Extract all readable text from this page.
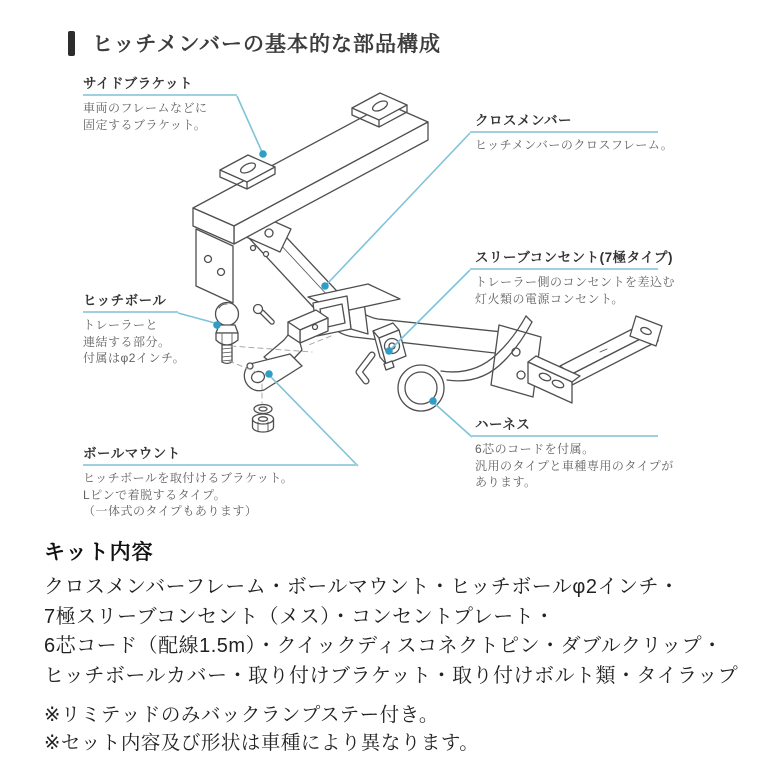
ヒッチメンバーの基本的な部品構成
サイドブラケット
車両のフレームなどに
固定するブラケット。	クロスメンバー
ヒッチメンバーのクロスフレーム。
スリーブコンセント(7極タイプ)
トレーラー側のコンセントを差込む
灯火類の電源コンセント。
ヒッチボール
トレーラーと
連結する部分。
付属はφ2インチ。
ボールマウント
ヒッチボールを取付けるブラケット。
Lピンで着脱するタイプ。
（一体式のタイプもあります）
ハーネス
6芯のコードを付属。
汎用のタイプと車種専用のタイプが
あります。
キット内容
クロスメンバーフレーム・ボールマウント・ヒッチボールφ2インチ・
7極スリーブコンセント（メス）・コンセントプレート・
6芯コード（配線1.5m）・クイックディスコネクトピン・ダブルクリップ・
ヒッチボールカバー・取り付けブラケット・取り付けボルト類・タイラップ
※リミテッドのみバックランプステー付き。
※セット内容及び形状は車種により異なります。
